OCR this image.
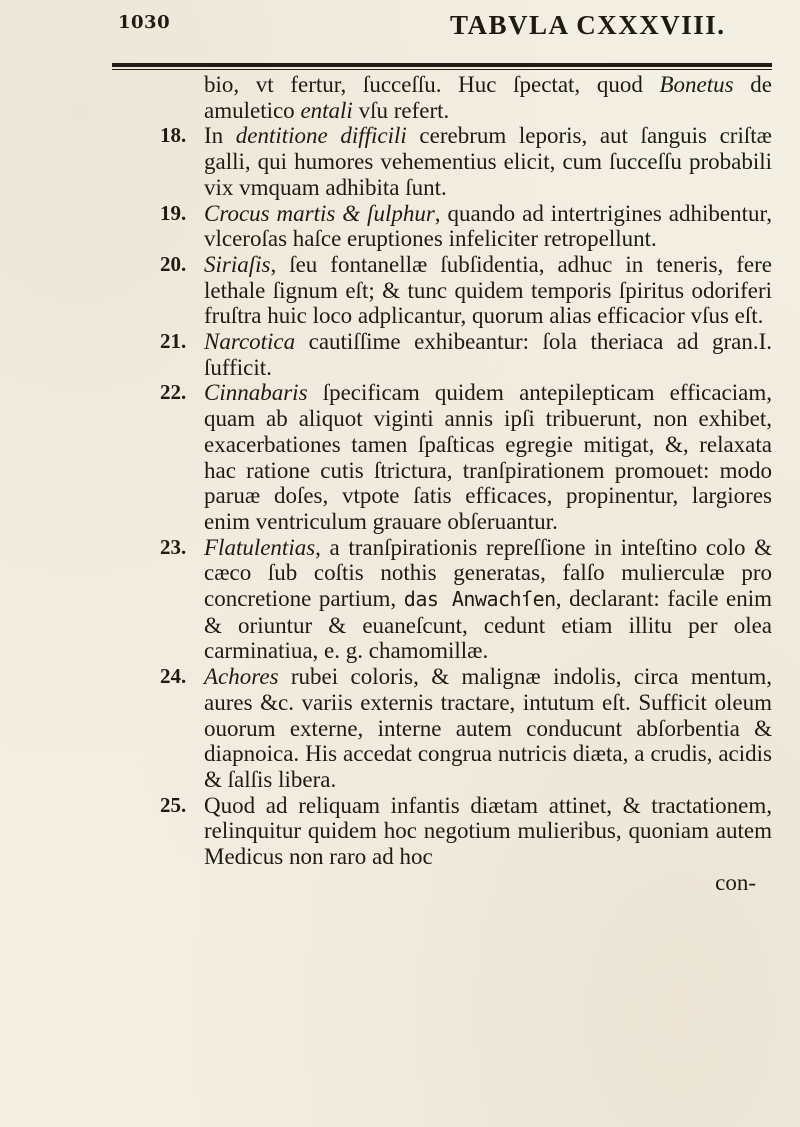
1030	TABVLA CXXXVIII.

bio, vt fertur, ſucceſſu. Huc ſpectat, quod Bonetus de amuletico entali vſu refert.

18. In dentitione difficili cerebrum leporis, aut ſanguis criſtæ galli, qui humores vehementius elicit, cum ſucceſſu probabili vix vmquam adhibita ſunt.

19. Crocus martis & ſulphur, quando ad intertrigines adhibentur, vlceroſas haſce eruptiones infeliciter retropellunt.

20. Siriaſis, ſeu fontanellæ ſubſidentia, adhuc in teneris, fere lethale ſignum eſt; & tunc quidem temporis ſpiritus odoriferi fruſtra huic loco adplicantur, quorum alias efficacior vſus eſt.

21. Narcotica cautiſſime exhibeantur: ſola theriaca ad gran.I. ſufficit.

22. Cinnabaris ſpecificam quidem antepilepticam efficaciam, quam ab aliquot viginti annis ipſi tribuerunt, non exhibet, exacerbationes tamen ſpaſticas egregie mitigat, &, relaxata hac ratione cutis ſtrictura, tranſpirationem promouet: modo paruæ doſes, vtpote ſatis efficaces, propinentur, largiores enim ventriculum grauare obſeruantur.

23. Flatulentias, a tranſpirationis repreſſione in inteſtino colo & cæco ſub coſtis nothis generatas, falſo mulierculæ pro concretione partium, das Anwachſen, declarant: facile enim & oriuntur & euaneſcunt, cedunt etiam illitu per olea carminatiua, e. g. chamomillæ.

24. Achores rubei coloris, & malignæ indolis, circa mentum, aures &c. variis externis tractare, intutum eſt. Sufficit oleum ouorum externe, interne autem conducunt abſorbentia & diapnoica. His accedat congrua nutricis diæta, a crudis, acidis & ſalſis libera.

25. Quod ad reliquam infantis diætam attinet, & tractationem, relinquitur quidem hoc negotium mulieribus, quoniam autem Medicus non raro ad hoc

con-
